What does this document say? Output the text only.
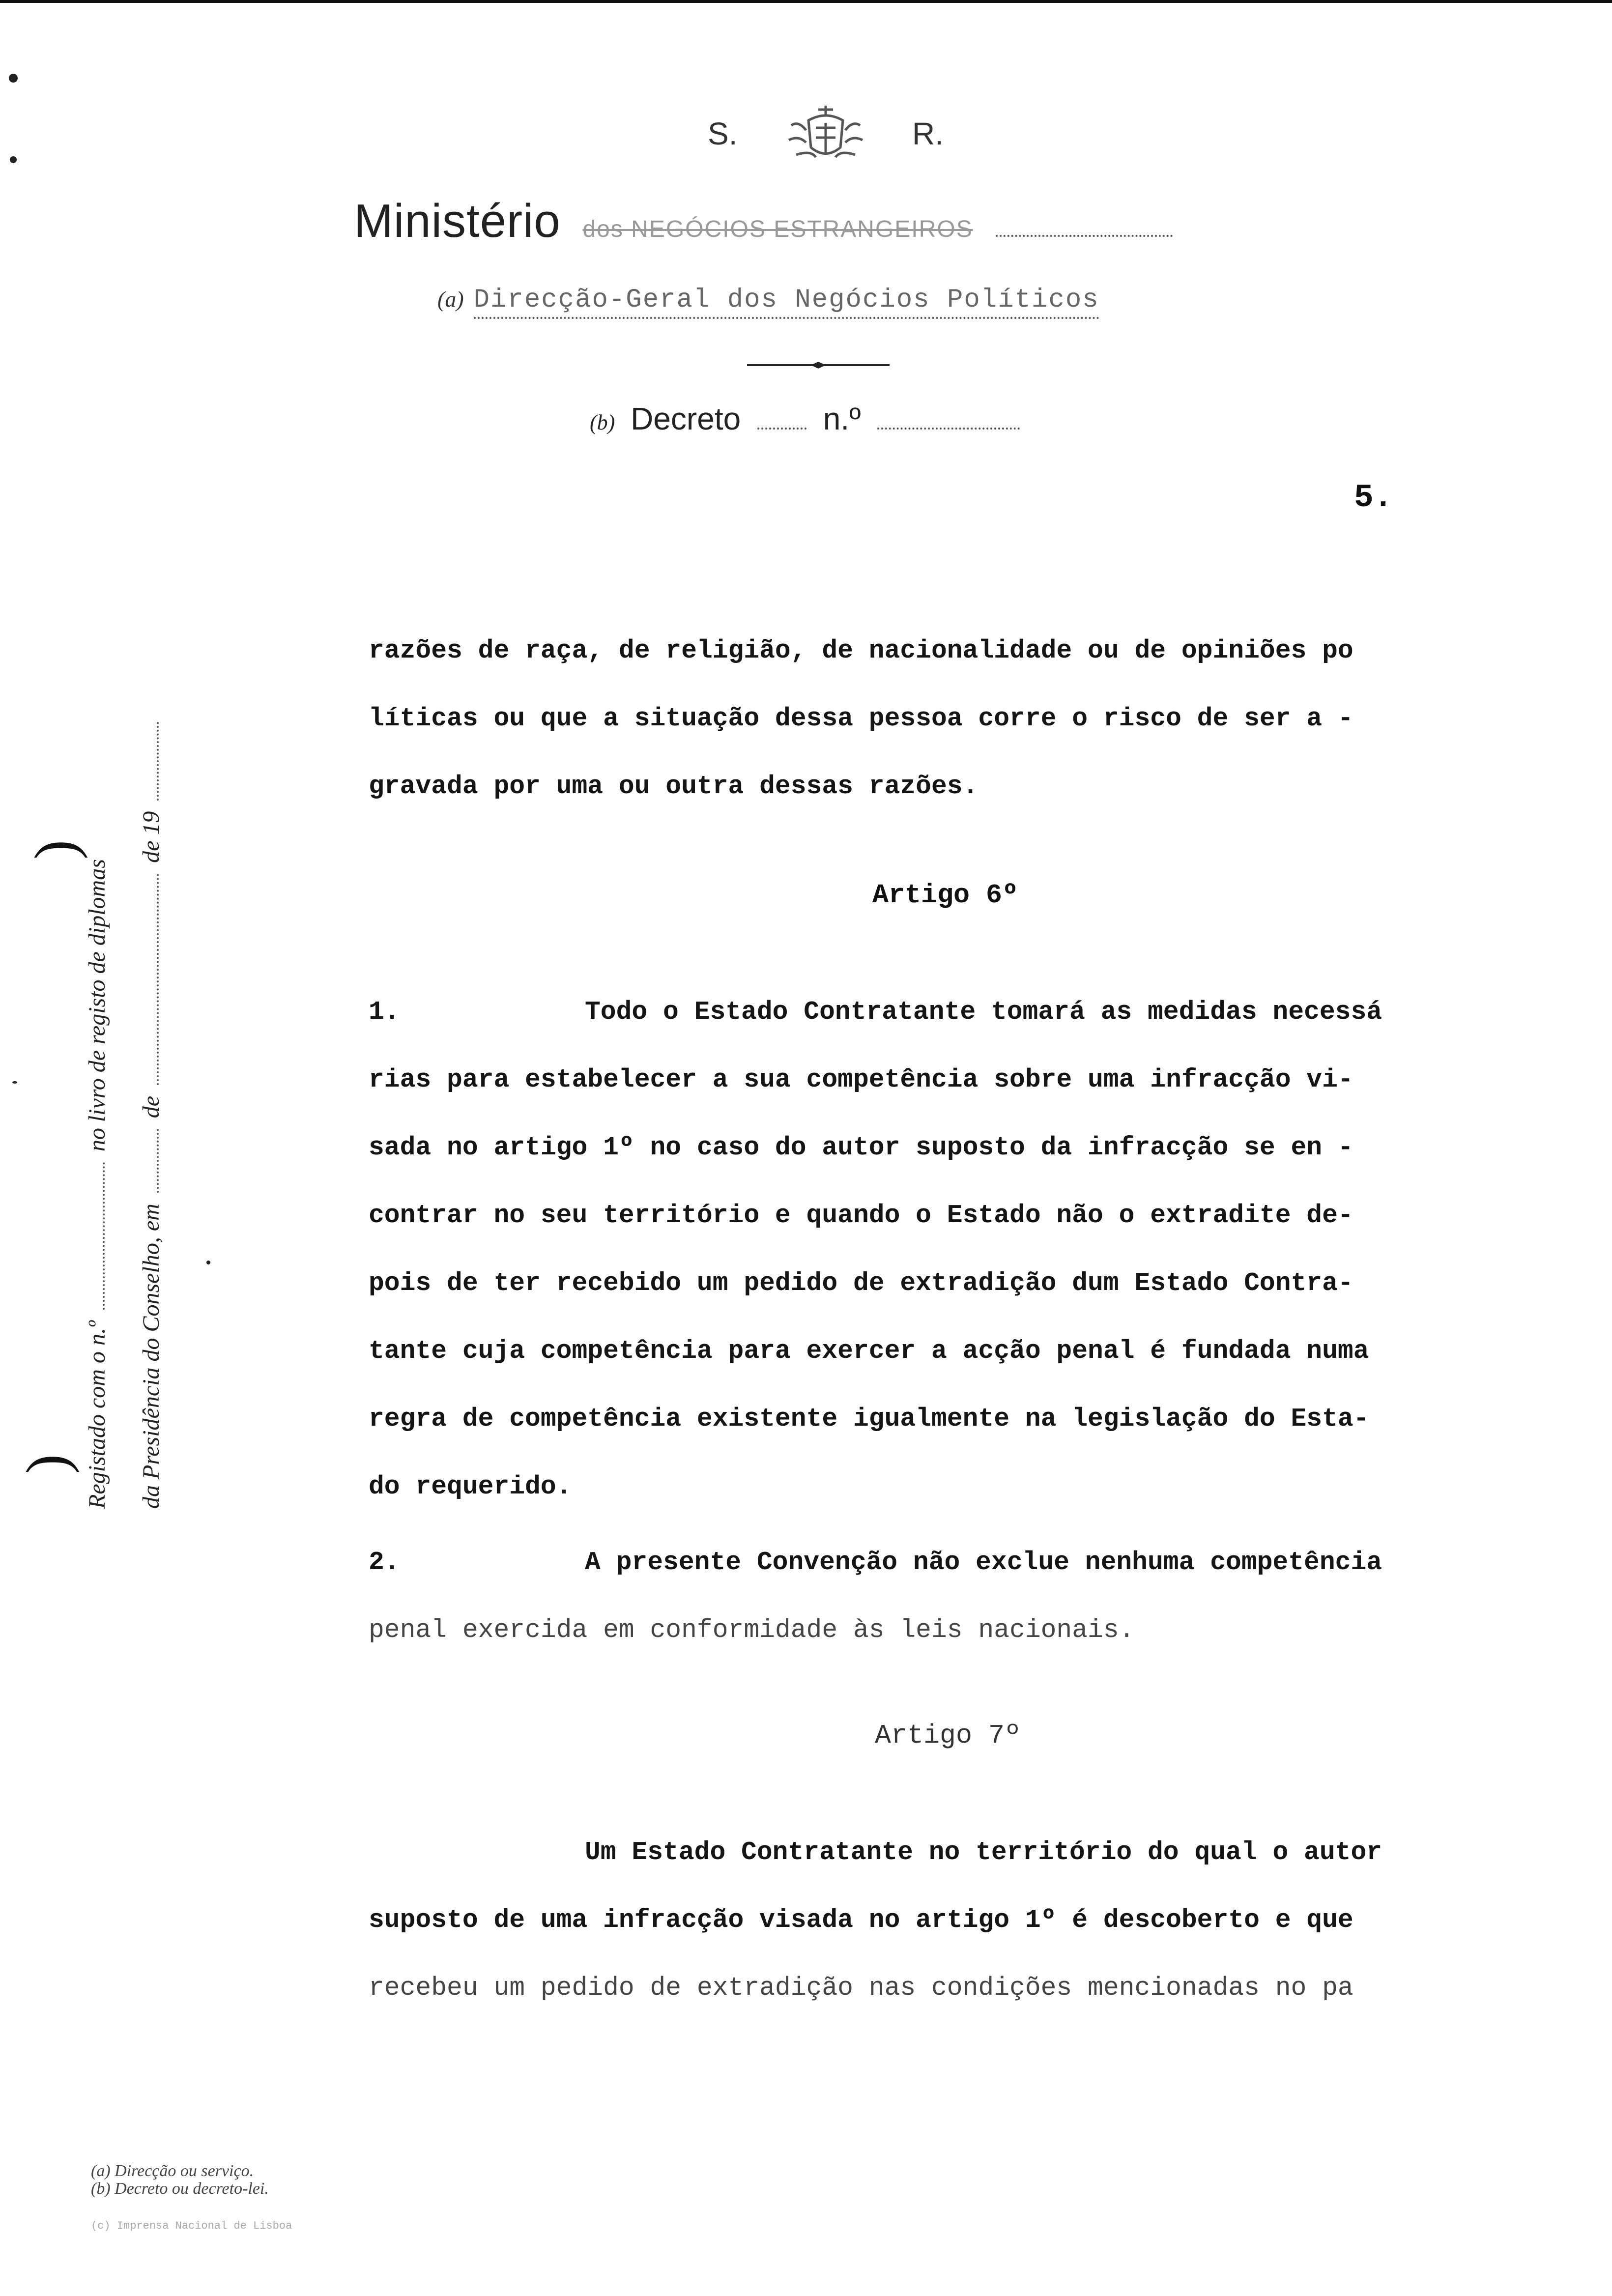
S.	R.
Ministério dos NEGÓCIOS ESTRANGEIROS
(a) Direcção-Geral dos Negócios Políticos
(b) Decreto	n.º
5.
Registado com o n.º  no livro de registo de diplomas
da Presidência do Conselho, em  de  de 19
(
(
razões de raça, de religião, de nacionalidade ou de opiniões po
líticas ou que a situação dessa pessoa corre o risco de ser a -
gravada por uma ou outra dessas razões.
Artigo 6º
1.	Todo o Estado Contratante tomará as medidas necessá
rias para estabelecer a sua competência sobre uma infracção vi-
sada no artigo 1º no caso do autor suposto da infracção se en -
contrar no seu território e quando o Estado não o extradite de-
pois de ter recebido um pedido de extradição dum Estado Contra-
tante cuja competência para exercer a acção penal é fundada numa
regra de competência existente igualmente na legislação do Esta-
do requerido.
2.	A presente Convenção não exclue nenhuma competência
penal exercida em conformidade às leis nacionais.
Artigo 7º
Um Estado Contratante no território do qual o autor
suposto de uma infracção visada no artigo 1º é descoberto e que
recebeu um pedido de extradição nas condições mencionadas no pa
(a) Direcção ou serviço.
(b) Decreto ou decreto-lei.
(c) Imprensa Nacional de Lisboa
